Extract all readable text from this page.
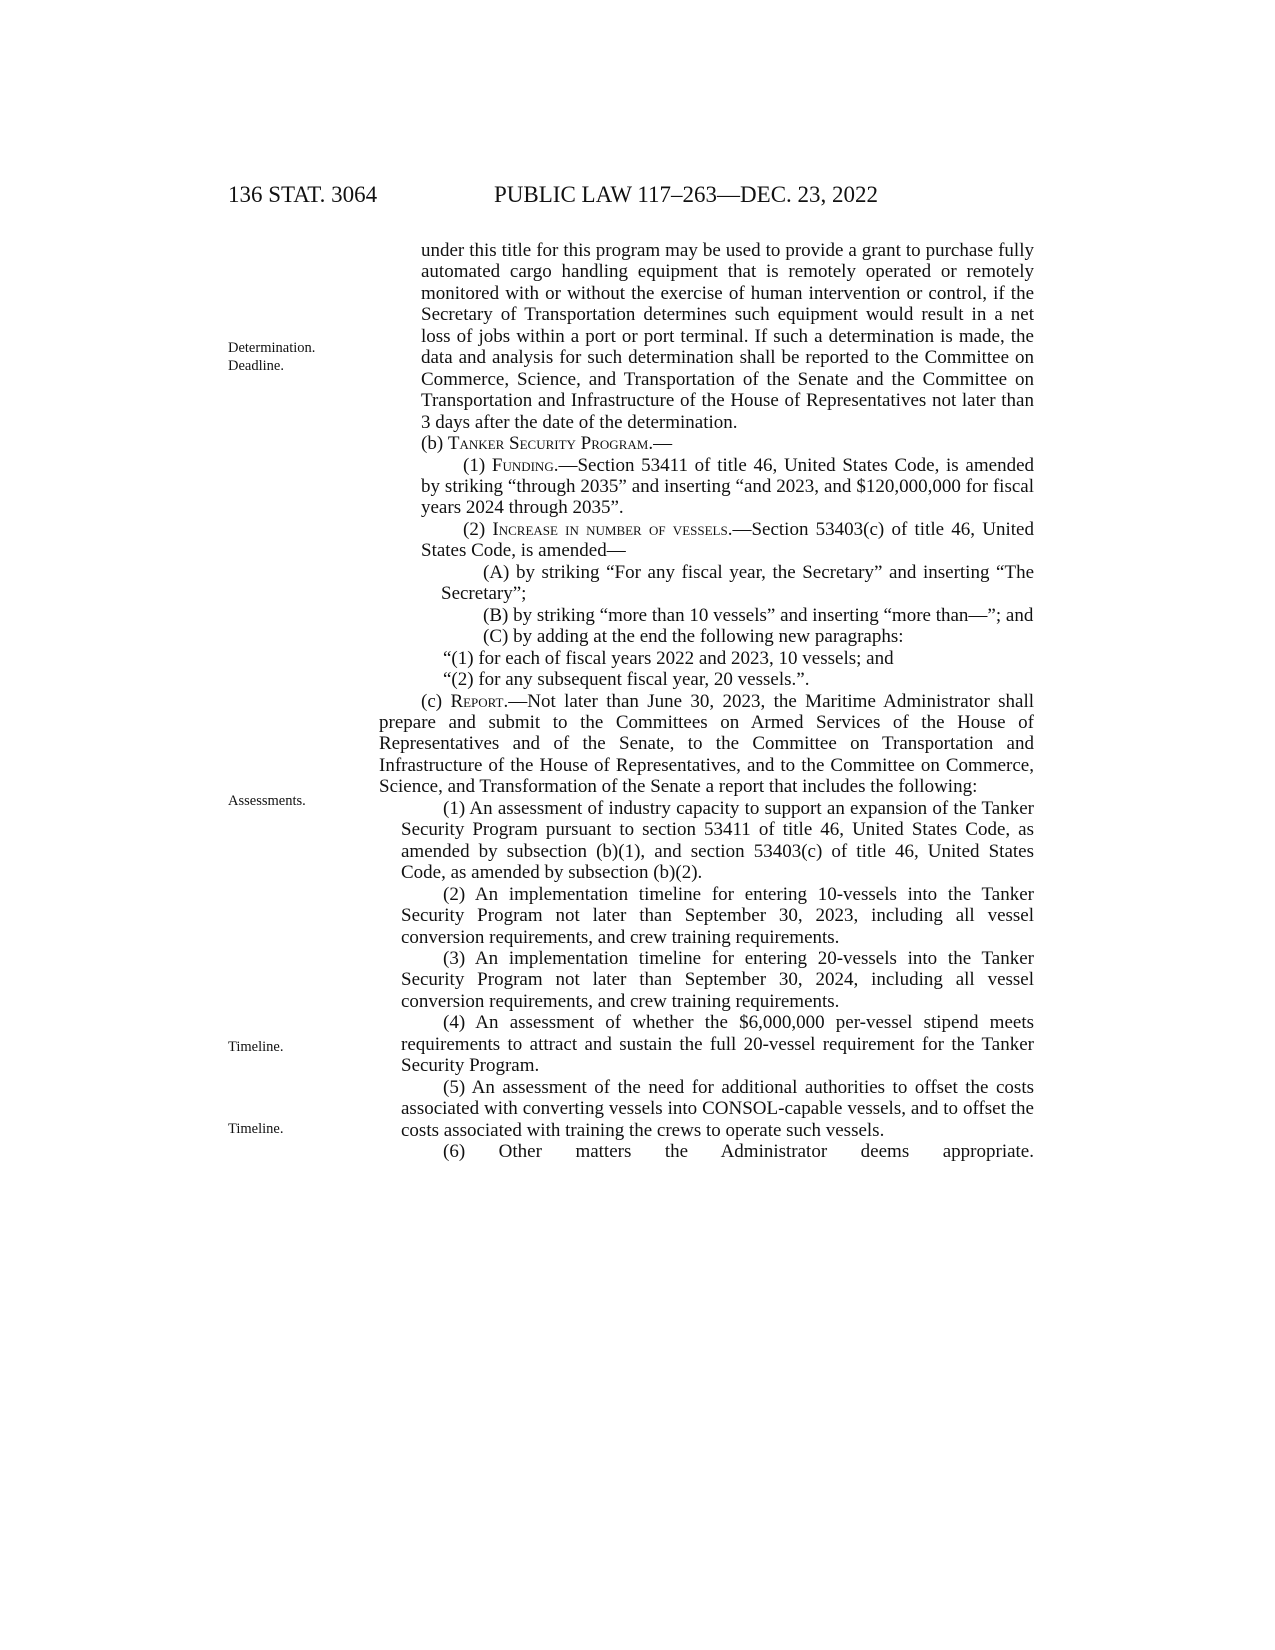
136 STAT. 3064	PUBLIC LAW 117–263—DEC. 23, 2022
Determination.
Deadline.
Assessments.
Timeline.
Timeline.

under this title for this program may be used to provide a grant to purchase fully automated cargo handling equipment that is remotely operated or remotely monitored with or without the exercise of human intervention or control, if the Secretary of Transportation determines such equipment would result in a net loss of jobs within a port or port terminal. If such a determination is made, the data and analysis for such determination shall be reported to the Committee on Commerce, Science, and Transportation of the Senate and the Committee on Transportation and Infrastructure of the House of Representatives not later than 3 days after the date of the determination.

(b) Tanker Security Program.—

(1) Funding.—Section 53411 of title 46, United States Code, is amended by striking “through 2035” and inserting “and 2023, and $120,000,000 for fiscal years 2024 through 2035”.

(2) Increase in number of vessels.—Section 53403(c) of title 46, United States Code, is amended—

(A) by striking “For any fiscal year, the Secretary” and inserting “The Secretary”;

(B) by striking “more than 10 vessels” and inserting “more than—”; and

(C) by adding at the end the following new paragraphs:

“(1) for each of fiscal years 2022 and 2023, 10 vessels; and

“(2) for any subsequent fiscal year, 20 vessels.”.

(c) Report.—Not later than June 30, 2023, the Maritime Administrator shall prepare and submit to the Committees on Armed Services of the House of Representatives and of the Senate, to the Committee on Transportation and Infrastructure of the House of Representatives, and to the Committee on Commerce, Science, and Transformation of the Senate a report that includes the following:

(1) An assessment of industry capacity to support an expansion of the Tanker Security Program pursuant to section 53411 of title 46, United States Code, as amended by subsection (b)(1), and section 53403(c) of title 46, United States Code, as amended by subsection (b)(2).

(2) An implementation timeline for entering 10-vessels into the Tanker Security Program not later than September 30, 2023, including all vessel conversion requirements, and crew training requirements.

(3) An implementation timeline for entering 20-vessels into the Tanker Security Program not later than September 30, 2024, including all vessel conversion requirements, and crew training requirements.

(4) An assessment of whether the $6,000,000 per-vessel stipend meets requirements to attract and sustain the full 20-vessel requirement for the Tanker Security Program.

(5) An assessment of the need for additional authorities to offset the costs associated with converting vessels into CONSOL-capable vessels, and to offset the costs associated with training the crews to operate such vessels.

(6) Other matters the Administrator deems appropriate.
